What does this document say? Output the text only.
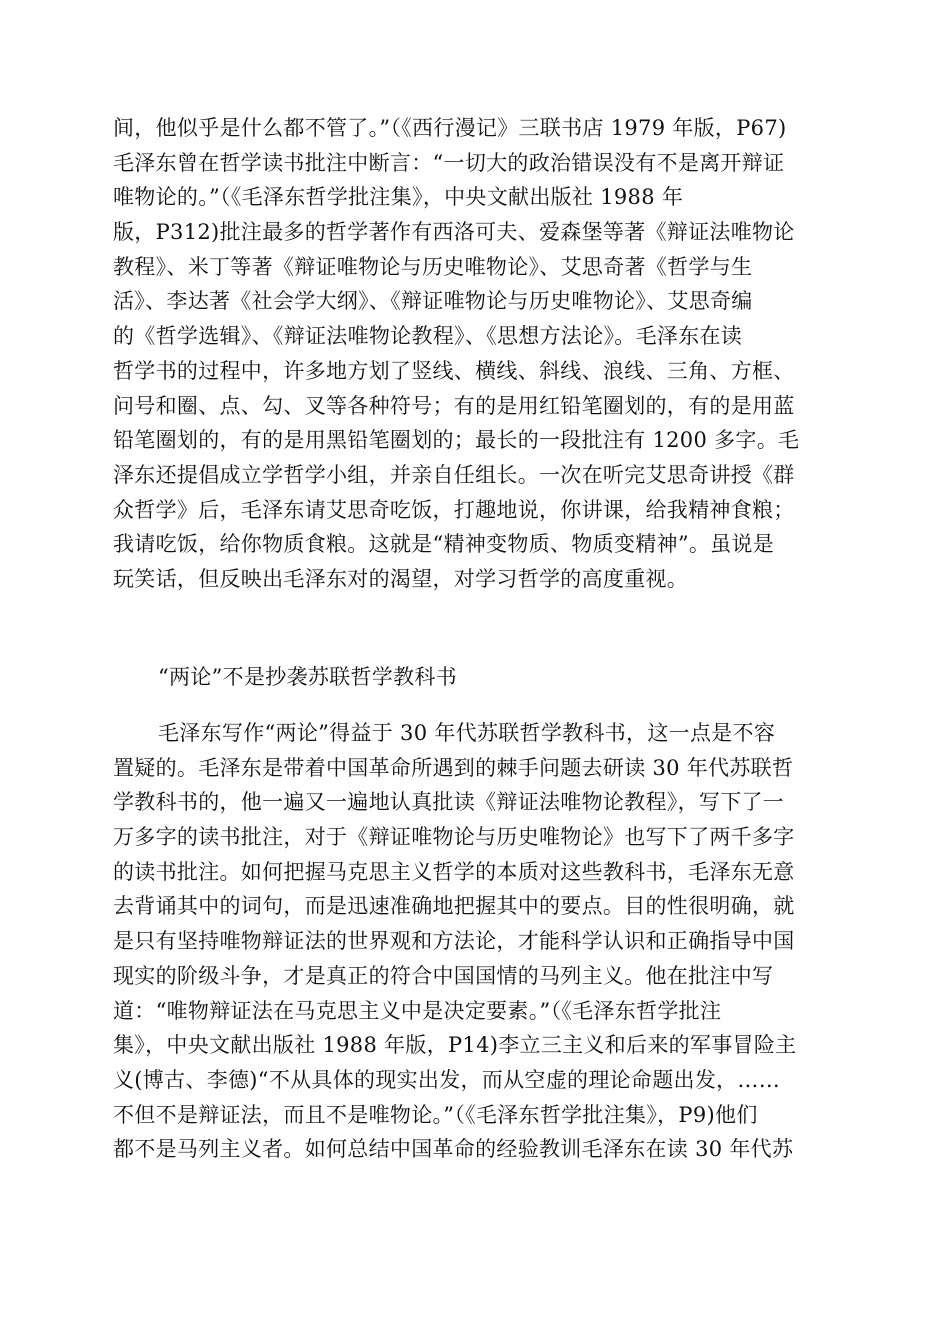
间，他似乎是什么都不管了。”（《西行漫记》三联书店 1979 年版，P67)
毛泽东曾在哲学读书批注中断言：“一切大的政治错误没有不是离开辩证
唯物论的。”（《毛泽东哲学批注集》，中央文献出版社 1988 年
版，P312)批注最多的哲学著作有西洛可夫、爱森堡等著《辩证法唯物论
教程》、米丁等著《辩证唯物论与历史唯物论》、艾思奇著《哲学与生
活》、李达著《社会学大纲》、《辩证唯物论与历史唯物论》、艾思奇编
的《哲学选辑》、《辩证法唯物论教程》、《思想方法论》。毛泽东在读
哲学书的过程中，许多地方划了竖线、横线、斜线、浪线、三角、方框、
问号和圈、点、勾、叉等各种符号；有的是用红铅笔圈划的，有的是用蓝
铅笔圈划的，有的是用黑铅笔圈划的；最长的一段批注有 1200 多字。毛
泽东还提倡成立学哲学小组，并亲自任组长。一次在听完艾思奇讲授《群
众哲学》后，毛泽东请艾思奇吃饭，打趣地说，你讲课，给我精神食粮；
我请吃饭，给你物质食粮。这就是“精神变物质、物质变精神”。虽说是
玩笑话，但反映出毛泽东对的渴望，对学习哲学的高度重视。
“两论”不是抄袭苏联哲学教科书
毛泽东写作“两论”得益于 30 年代苏联哲学教科书，这一点是不容
置疑的。毛泽东是带着中国革命所遇到的棘手问题去研读 30 年代苏联哲
学教科书的，他一遍又一遍地认真批读《辩证法唯物论教程》，写下了一
万多字的读书批注，对于《辩证唯物论与历史唯物论》也写下了两千多字
的读书批注。如何把握马克思主义哲学的本质对这些教科书，毛泽东无意
去背诵其中的词句，而是迅速准确地把握其中的要点。目的性很明确，就
是只有坚持唯物辩证法的世界观和方法论，才能科学认识和正确指导中国
现实的阶级斗争，才是真正的符合中国国情的马列主义。他在批注中写
道：“唯物辩证法在马克思主义中是决定要素。”（《毛泽东哲学批注
集》，中央文献出版社 1988 年版，P14)李立三主义和后来的军事冒险主
义(博古、李德)“不从具体的现实出发，而从空虚的理论命题出发，……
不但不是辩证法，而且不是唯物论。”（《毛泽东哲学批注集》，P9)他们
都不是马列主义者。如何总结中国革命的经验教训毛泽东在读 30 年代苏
